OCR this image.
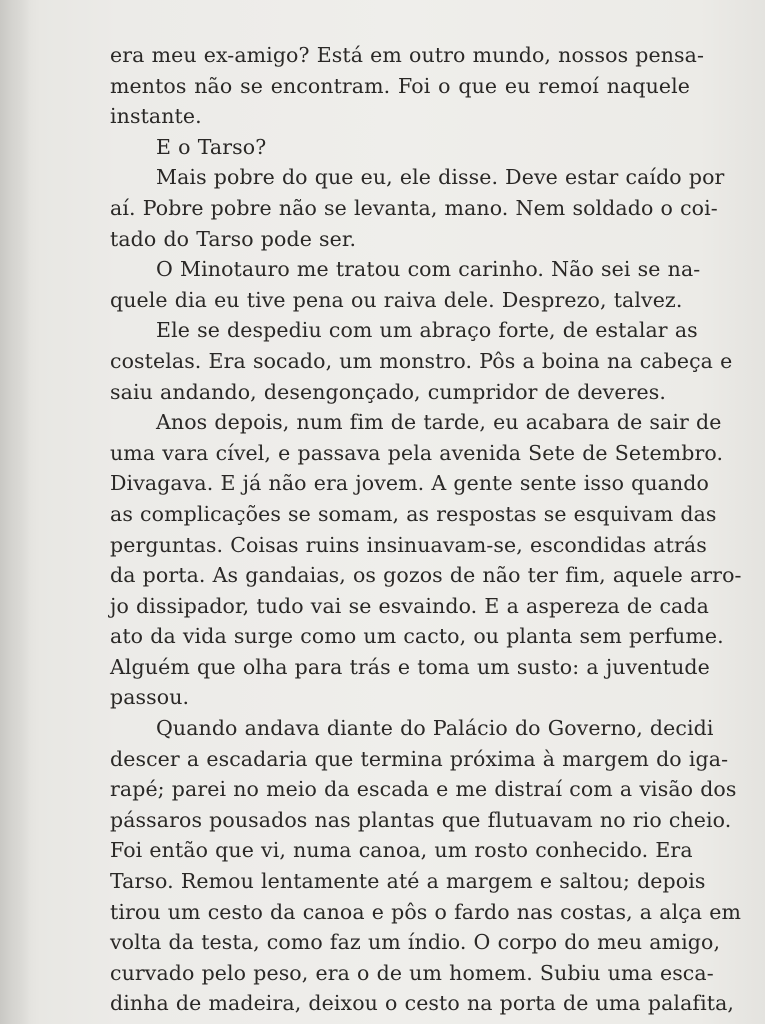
era meu ex-amigo? Está em outro mundo, nossos pensa-
mentos não se encontram. Foi o que eu remoí naquele
instante.
E o Tarso?
Mais pobre do que eu, ele disse. Deve estar caído por
aí. Pobre pobre não se levanta, mano. Nem soldado o coi-
tado do Tarso pode ser.
O Minotauro me tratou com carinho. Não sei se na-
quele dia eu tive pena ou raiva dele. Desprezo, talvez.
Ele se despediu com um abraço forte, de estalar as
costelas. Era socado, um monstro. Pôs a boina na cabeça e
saiu andando, desengonçado, cumpridor de deveres.
Anos depois, num fim de tarde, eu acabara de sair de
uma vara cível, e passava pela avenida Sete de Setembro.
Divagava. E já não era jovem. A gente sente isso quando
as complicações se somam, as respostas se esquivam das
perguntas. Coisas ruins insinuavam-se, escondidas atrás
da porta. As gandaias, os gozos de não ter fim, aquele arro-
jo dissipador, tudo vai se esvaindo. E a aspereza de cada
ato da vida surge como um cacto, ou planta sem perfume.
Alguém que olha para trás e toma um susto: a juventude
passou.
Quando andava diante do Palácio do Governo, decidi
descer a escadaria que termina próxima à margem do iga-
rapé; parei no meio da escada e me distraí com a visão dos
pássaros pousados nas plantas que flutuavam no rio cheio.
Foi então que vi, numa canoa, um rosto conhecido. Era
Tarso. Remou lentamente até a margem e saltou; depois
tirou um cesto da canoa e pôs o fardo nas costas, a alça em
volta da testa, como faz um índio. O corpo do meu amigo,
curvado pelo peso, era o de um homem. Subiu uma esca-
dinha de madeira, deixou o cesto na porta de uma palafita,
